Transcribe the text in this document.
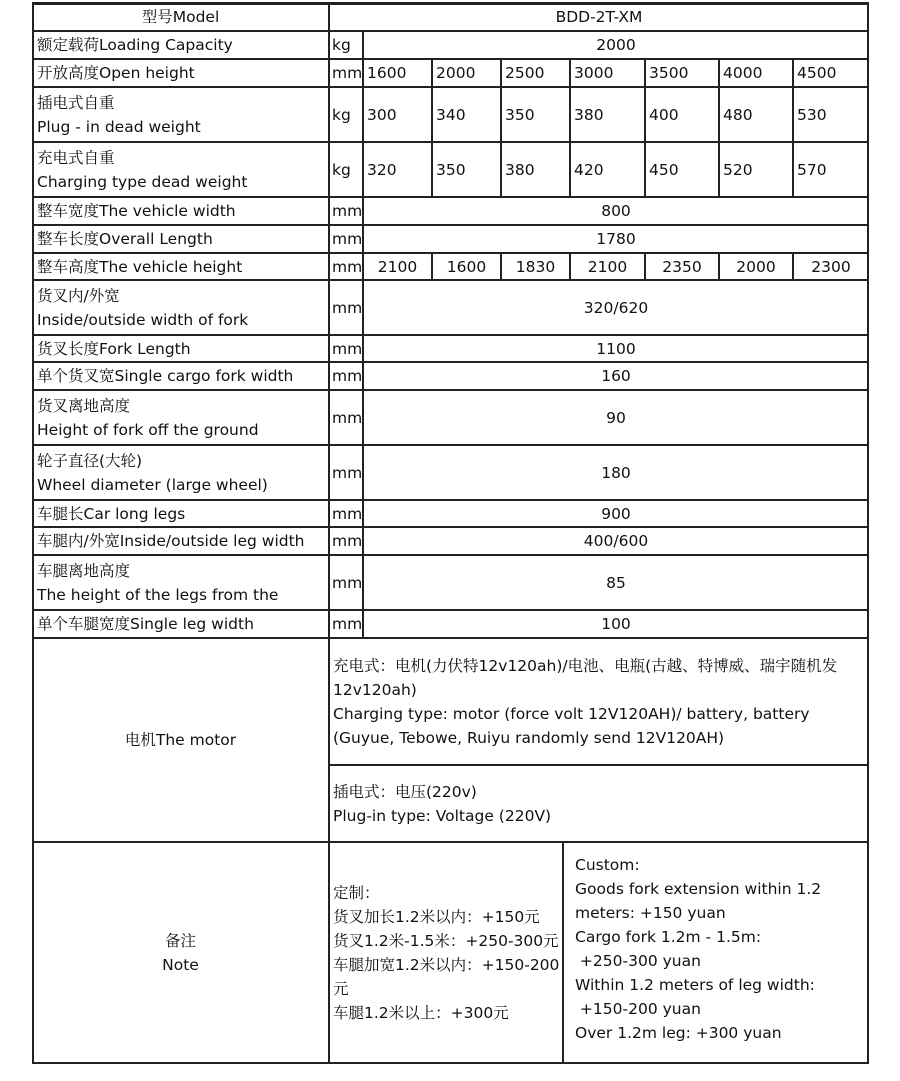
型号Model	BDD-2T-XM
额定载荷Loading Capacity	kg	2000
开放高度Open height	mm 1600 2000 2500 3000 3500 4000 4500
插电式自重
Plug - in dead weight
kg 300	340	350	380	400	480	530
充电式自重
Charging type dead weight
kg 320	350	380	420	450	520	570
整车宽度The vehicle width	mm	800
整车长度Overall Length	mm	1780
整车高度The vehicle height	mm 2100 1600 1830 2100 2350 2000 2300
货叉内/外宽
Inside/outside width of fork
mm	320/620
货叉长度Fork Length	mm	1100
单个货叉宽Single cargo fork width mm	160
货叉离地高度
Height of fork off the ground
mm	90
轮子直径(大轮)
Wheel diameter (large wheel)
mm	180
车腿长Car long legs	mm	900
车腿内/外宽Inside/outside leg width mm	400/600
车腿离地高度
The height of the legs from the
mm	85
单个车腿宽度Single leg width	mm	100
电机The motor
充电式：电机(力伏特12v120ah)/电池、电瓶(古越、特博威、瑞宇随机发
12v120ah)
Charging type: motor (force volt 12V120AH)/ battery, battery
(Guyue, Tebowe, Ruiyu randomly send 12V120AH)
插电式：电压(220v)
Plug-in type: Voltage (220V)
备注
Note
定制：
货叉加长1.2米以内：+150元
货叉1.2米-1.5米：+250-300元
车腿加宽1.2米以内：+150-200
元
车腿1.2米以上：+300元
Custom:
Goods fork extension within 1.2
meters: +150 yuan
Cargo fork 1.2m - 1.5m:
+250-300 yuan
Within 1.2 meters of leg width:
+150-200 yuan
Over 1.2m leg: +300 yuan
